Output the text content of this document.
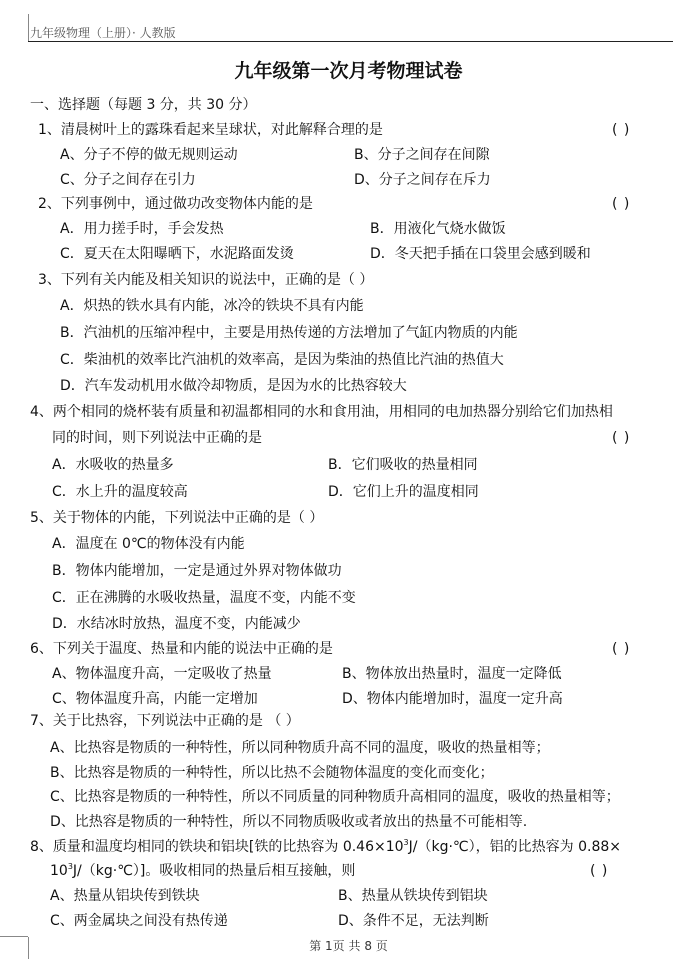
九年级物理（上册）· 人教版
九年级第一次月考物理试卷
一、选择题（每题 3 分，共 30 分）
1、清晨树叶上的露珠看起来呈球状，对此解释合理的是	( )
A、分子不停的做无规则运动	B、分子之间存在间隙
C、分子之间存在引力	D、分子之间存在斥力
2、下列事例中，通过做功改变物体内能的是	( )
A．用力搓手时，手会发热	B．用液化气烧水做饭
C．夏天在太阳曝晒下，水泥路面发烫	D．冬天把手插在口袋里会感到暖和
3、下列有关内能及相关知识的说法中，正确的是（ ）
A．炽热的铁水具有内能，冰冷的铁块不具有内能
B．汽油机的压缩冲程中，主要是用热传递的方法增加了气缸内物质的内能
C．柴油机的效率比汽油机的效率高，是因为柴油的热值比汽油的热值大
D．汽车发动机用水做冷却物质，是因为水的比热容较大
4、两个相同的烧杯装有质量和初温都相同的水和食用油，用相同的电加热器分别给它们加热相
同的时间，则下列说法中正确的是	( )
A．水吸收的热量多	B．它们吸收的热量相同
C．水上升的温度较高	D．它们上升的温度相同
5、关于物体的内能，下列说法中正确的是（ ）
A．温度在 0℃的物体没有内能
B．物体内能增加，一定是通过外界对物体做功
C．正在沸腾的水吸收热量，温度不变，内能不变
D．水结冰时放热，温度不变，内能减少
6、下列关于温度、热量和内能的说法中正确的是	( )
A、物体温度升高，一定吸收了热量	B、物体放出热量时，温度一定降低
C、物体温度升高，内能一定增加	D、物体内能增加时，温度一定升高
7、关于比热容，下列说法中正确的是 （ ）
A、比热容是物质的一种特性，所以同种物质升高不同的温度，吸收的热量相等；
B、比热容是物质的一种特性，所以比热不会随物体温度的变化而变化；
C、比热容是物质的一种特性，所以不同质量的同种物质升高相同的温度，吸收的热量相等；
D、比热容是物质的一种特性，所以不同物质吸收或者放出的热量不可能相等.
8、质量和温度均相同的铁块和铝块[铁的比热容为 $0.46\times 10^3J/(kg\cdot℃)$，铝的比热容为 0.88×
$10^3J/(kg\cdot℃)$]。吸收相同的热量后相互接触，则	( )
A、热量从铝块传到铁块	B、热量从铁块传到铝块
C、两金属块之间没有热传递	D、条件不足，无法判断
第 1页 共 8 页
